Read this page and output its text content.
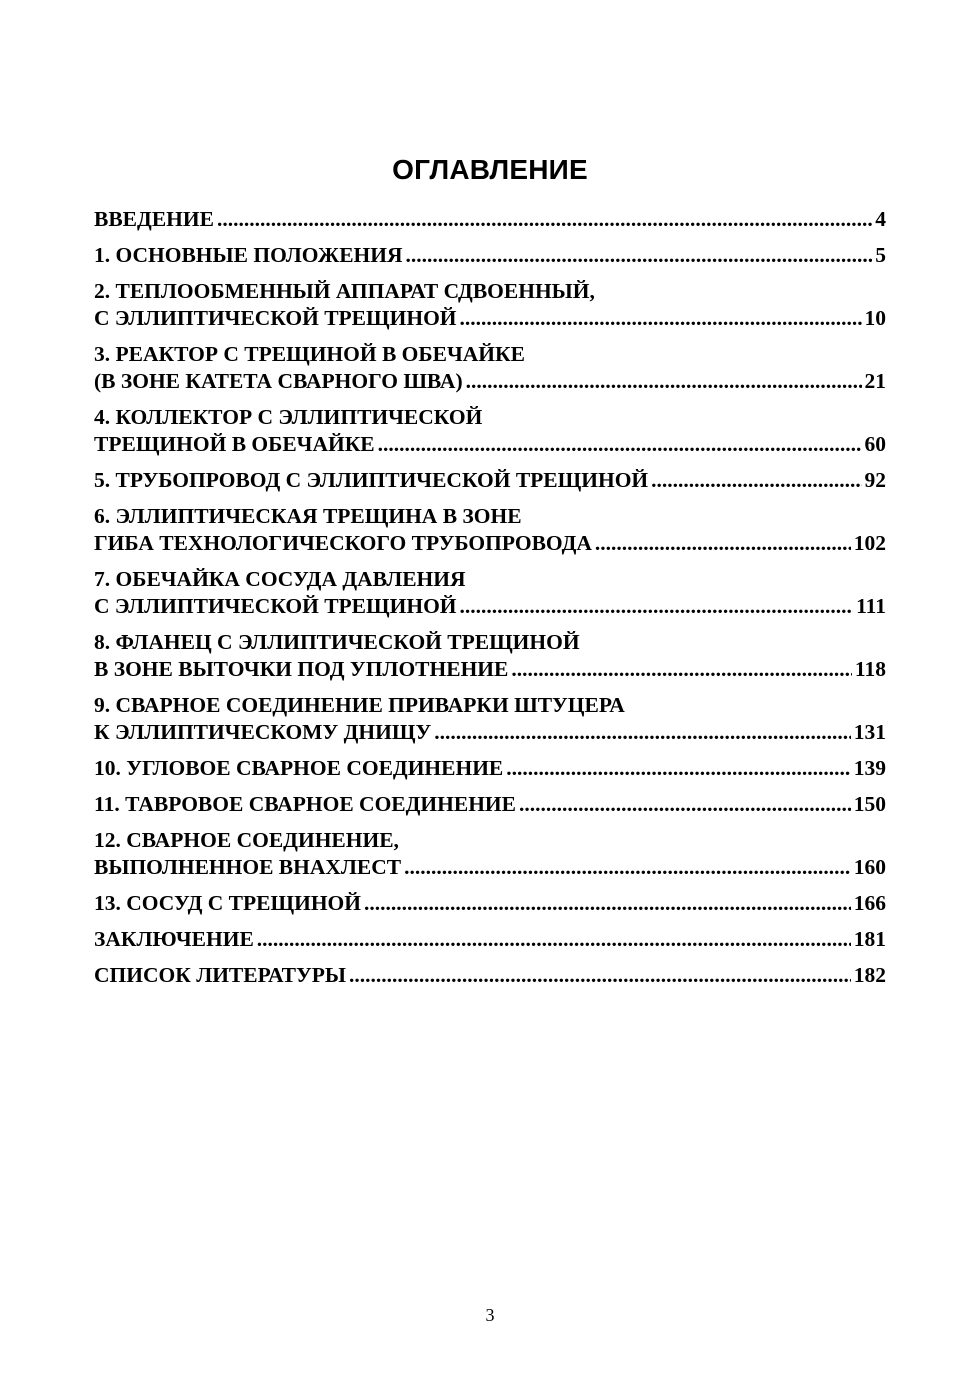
ОГЛАВЛЕНИЕ
ВВЕДЕНИЕ .....	4
1. ОСНОВНЫЕ ПОЛОЖЕНИЯ .....	5
2. ТЕПЛООБМЕННЫЙ АППАРАТ СДВОЕННЫЙ,
С ЭЛЛИПТИЧЕСКОЙ ТРЕЩИНОЙ .....	10
3. РЕАКТОР С ТРЕЩИНОЙ В ОБЕЧАЙКЕ
(В ЗОНЕ КАТЕТА СВАРНОГО ШВА) .....	21
4. КОЛЛЕКТОР С ЭЛЛИПТИЧЕСКОЙ
ТРЕЩИНОЙ В ОБЕЧАЙКЕ .....	60
5. ТРУБОПРОВОД С ЭЛЛИПТИЧЕСКОЙ ТРЕЩИНОЙ .....	92
6. ЭЛЛИПТИЧЕСКАЯ ТРЕЩИНА В ЗОНЕ
ГИБА ТЕХНОЛОГИЧЕСКОГО ТРУБОПРОВОДА .....	102
7. ОБЕЧАЙКА СОСУДА ДАВЛЕНИЯ
С ЭЛЛИПТИЧЕСКОЙ ТРЕЩИНОЙ .....	111
8. ФЛАНЕЦ С ЭЛЛИПТИЧЕСКОЙ ТРЕЩИНОЙ
В ЗОНЕ ВЫТОЧКИ ПОД УПЛОТНЕНИЕ .....	118
9. СВАРНОЕ СОЕДИНЕНИЕ ПРИВАРКИ ШТУЦЕРА
К ЭЛЛИПТИЧЕСКОМУ ДНИЩУ .....	131
10. УГЛОВОЕ СВАРНОЕ СОЕДИНЕНИЕ .....	139
11. ТАВРОВОЕ СВАРНОЕ СОЕДИНЕНИЕ .....	150
12. СВАРНОЕ СОЕДИНЕНИЕ,
ВЫПОЛНЕННОЕ ВНАХЛЕСТ .....	160
13. СОСУД С ТРЕЩИНОЙ .....	166
ЗАКЛЮЧЕНИЕ .....	181
СПИСОК ЛИТЕРАТУРЫ .....	182
3
